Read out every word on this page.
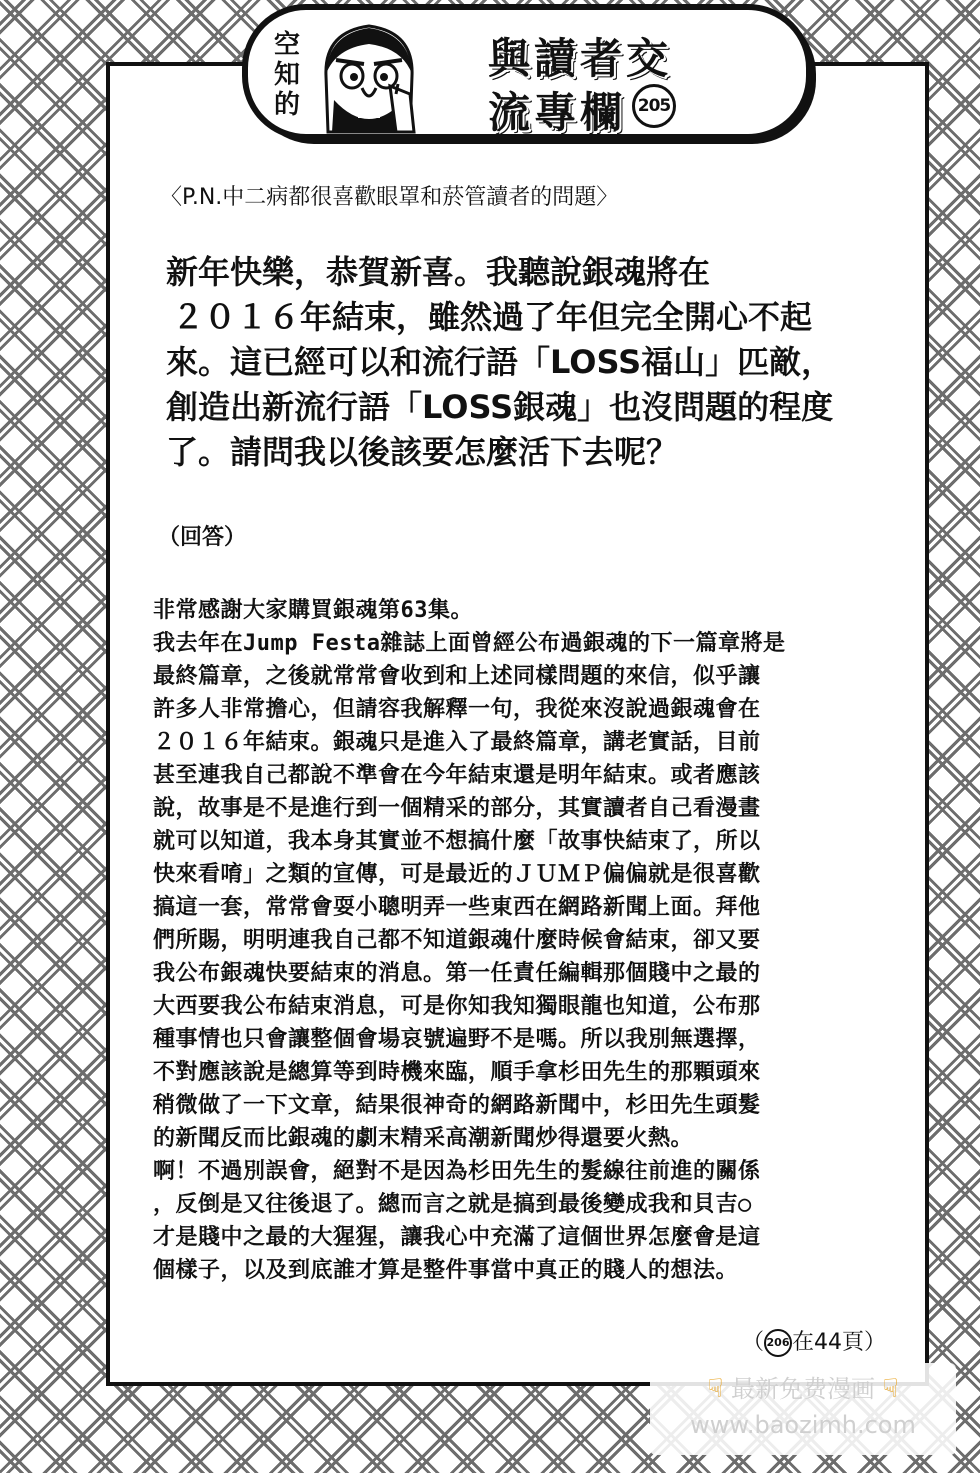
空
知
的
與讀者交
流專欄 205
〈P.N.中二病都很喜歡眼罩和菸管讀者的問題〉
新年快樂，恭賀新喜。我聽說銀魂將在
２０１６年結束，雖然過了年但完全開心不起
來。這已經可以和流行語「LOSS福山」匹敵，
創造出新流行語「LOSS銀魂」也沒問題的程度
了。請問我以後該要怎麼活下去呢？
（回答）
非常感謝大家購買銀魂第63集。
我去年在Jump Festa雜誌上面曾經公布過銀魂的下一篇章將是
最終篇章，之後就常常會收到和上述同樣問題的來信，似乎讓
許多人非常擔心，但請容我解釋一句，我從來沒說過銀魂會在
２０１６年結束。銀魂只是進入了最終篇章，講老實話，目前
甚至連我自己都說不準會在今年結束還是明年結束。或者應該
說，故事是不是進行到一個精采的部分，其實讀者自己看漫畫
就可以知道，我本身其實並不想搞什麼「故事快結束了，所以
快來看唷」之類的宣傳，可是最近的ＪＵＭＰ偏偏就是很喜歡
搞這一套，常常會耍小聰明弄一些東西在網路新聞上面。拜他
們所賜，明明連我自己都不知道銀魂什麼時候會結束，卻又要
我公布銀魂快要結束的消息。第一任責任編輯那個賤中之最的
大西要我公布結束消息，可是你知我知獨眼龍也知道，公布那
種事情也只會讓整個會場哀號遍野不是嗎。所以我別無選擇，
不對應該說是總算等到時機來臨，順手拿杉田先生的那顆頭來
稍微做了一下文章，結果很神奇的網路新聞中，杉田先生頭髮
的新聞反而比銀魂的劇末精采高潮新聞炒得還要火熱。
啊！不過別誤會，絕對不是因為杉田先生的髮線往前進的關係
，反倒是又往後退了。總而言之就是搞到最後變成我和貝吉○
才是賤中之最的大猩猩，讓我心中充滿了這個世界怎麼會是這
個樣子，以及到底誰才算是整件事當中真正的賤人的想法。
（ 206 在44頁）
☟ 最新免费漫画 ☟
www.baozimh.com
